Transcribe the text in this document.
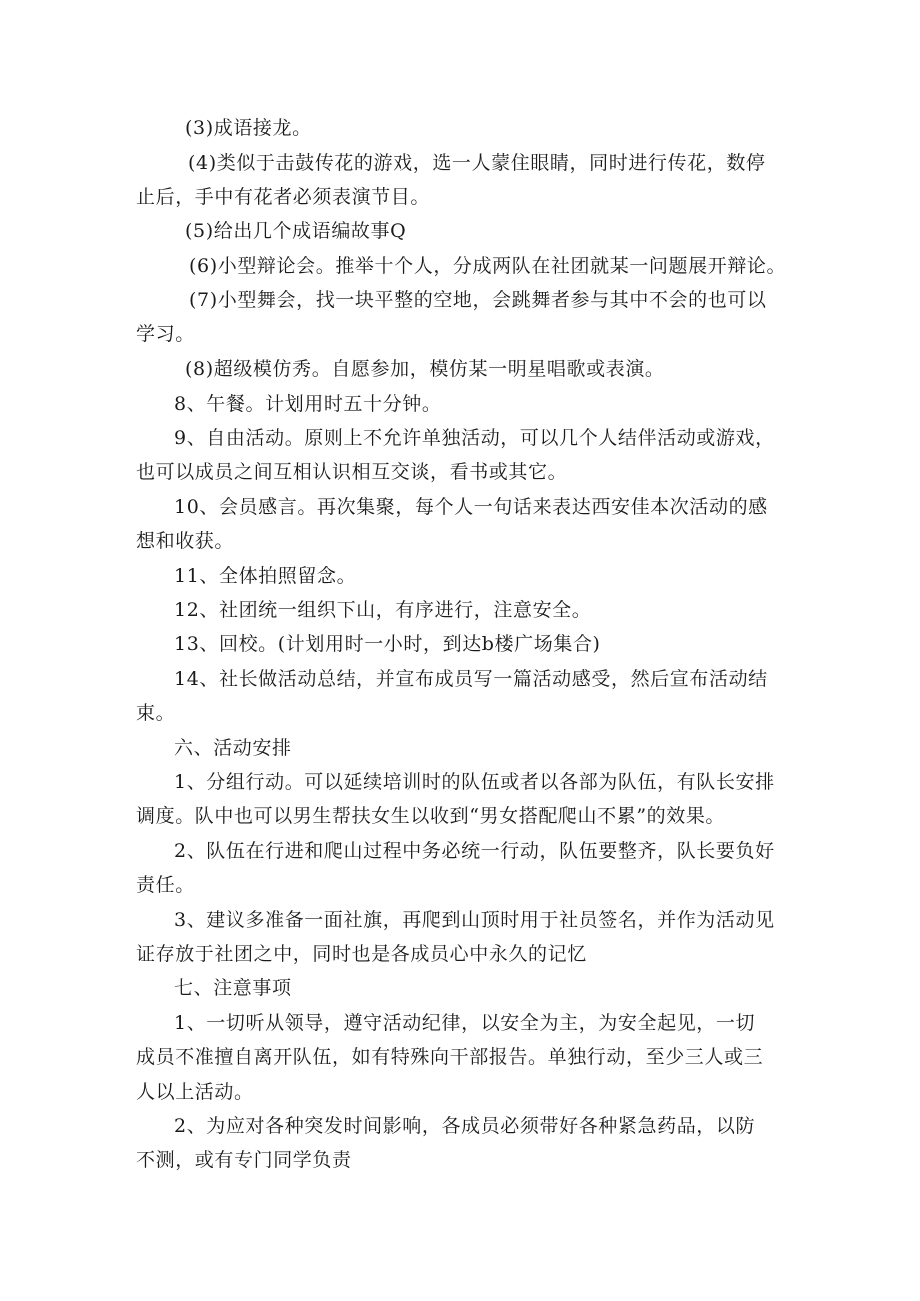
(3)成语接龙。
(4)类似于击鼓传花的游戏，选一人蒙住眼睛，同时进行传花，数停
止后，手中有花者必须表演节目。
(5)给出几个成语编故事Q
(6)小型辩论会。推举十个人，分成两队在社团就某一问题展开辩论。
(7)小型舞会，找一块平整的空地，会跳舞者参与其中不会的也可以
学习。
(8)超级模仿秀。自愿参加，模仿某一明星唱歌或表演。
8、午餐。计划用时五十分钟。
9、自由活动。原则上不允许单独活动，可以几个人结伴活动或游戏，
也可以成员之间互相认识相互交谈，看书或其它。
10、会员感言。再次集聚，每个人一句话来表达西安佳本次活动的感
想和收获。
11、全体拍照留念。
12、社团统一组织下山，有序进行，注意安全。
13、回校。(计划用时一小时，到达b楼广场集合)
14、社长做活动总结，并宣布成员写一篇活动感受，然后宣布活动结
束。
六、活动安排
1、分组行动。可以延续培训时的队伍或者以各部为队伍，有队长安排
调度。队中也可以男生帮扶女生以收到“男女搭配爬山不累”的效果。
2、队伍在行进和爬山过程中务必统一行动，队伍要整齐，队长要负好
责任。
3、建议多准备一面社旗，再爬到山顶时用于社员签名，并作为活动见
证存放于社团之中，同时也是各成员心中永久的记忆
七、注意事项
1、一切听从领导，遵守活动纪律，以安全为主，为安全起见，一切
成员不准擅自离开队伍，如有特殊向干部报告。单独行动，至少三人或三
人以上活动。
2、为应对各种突发时间影响，各成员必须带好各种紧急药品，以防
不测，或有专门同学负责
